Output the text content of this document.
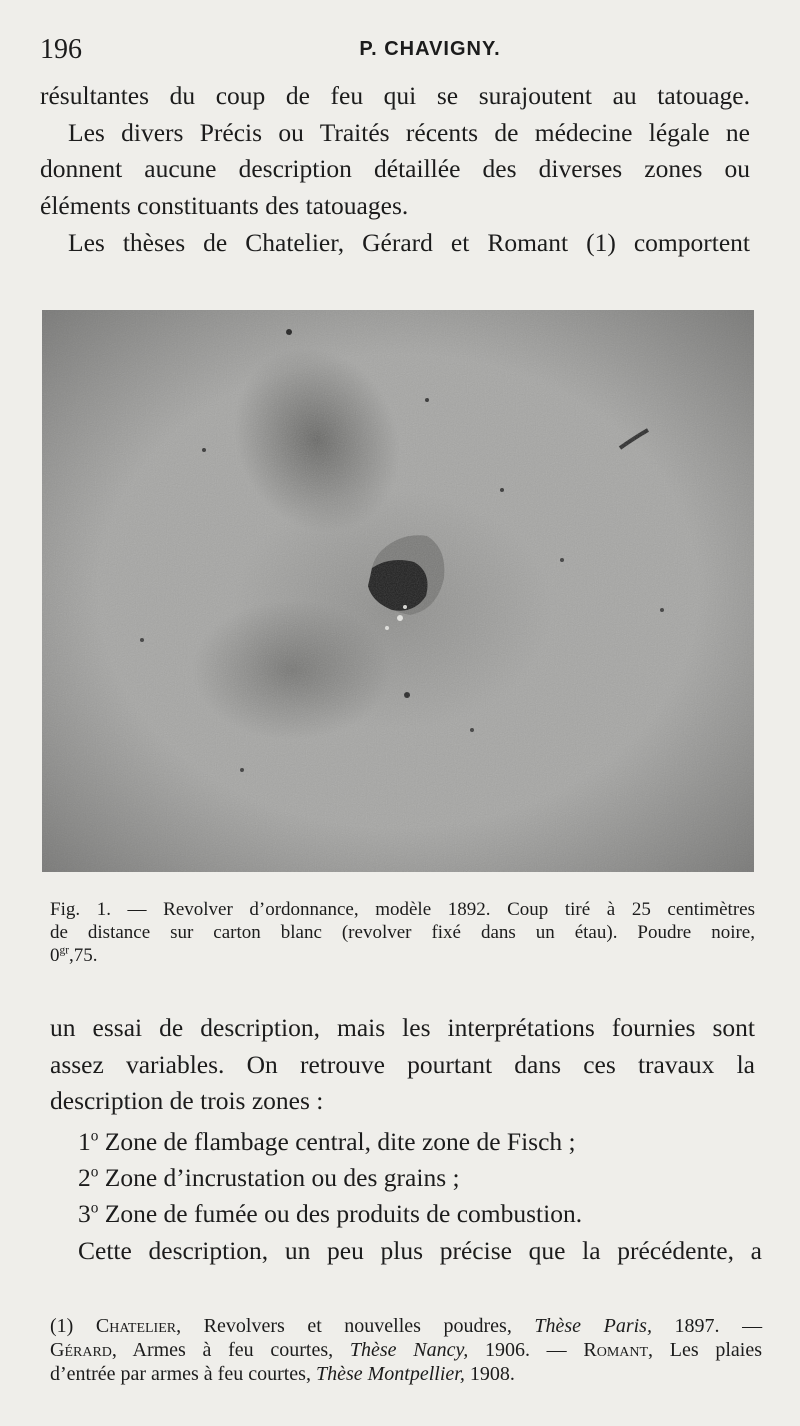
196	P. CHAVIGNY.
résultantes du coup de feu qui se surajoutent au tatouage.
Les divers Précis ou Traités récents de médecine légale ne
donnent aucune description détaillée des diverses zones ou
éléments constituants des tatouages.
Les thèses de Chatelier, Gérard et Romant (1) comportent

Fig. 1. — Revolver d’ordonnance, modèle 1892. Coup tiré à 25 centimètres
de distance sur carton blanc (revolver fixé dans un étau). Poudre noire,
$0^{gr},75$.

un essai de description, mais les interprétations fournies sont
assez variables. On retrouve pourtant dans ces travaux la
description de trois zones :

1$^o$ Zone de flambage central, dite zone de Fisch ;

2$^o$ Zone d’incrustation ou des grains ;

3$^o$ Zone de fumée ou des produits de combustion.

Cette description, un peu plus précise que la précédente, a
(1) Chatelier, Revolvers et nouvelles poudres, Thèse Paris, 1897. —
Gérard, Armes à feu courtes, Thèse Nancy, 1906. — Romant, Les plaies
d’entrée par armes à feu courtes, Thèse Montpellier, 1908.
